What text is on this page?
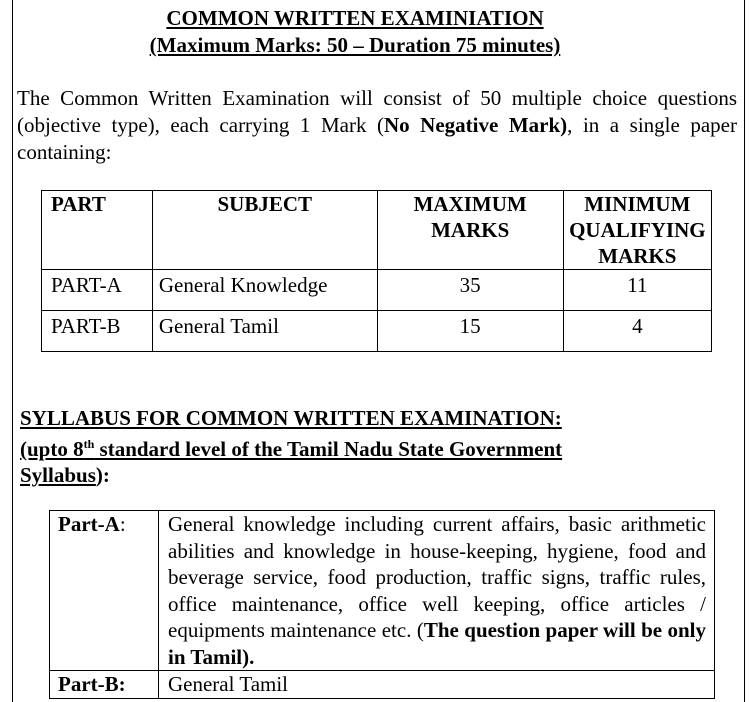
COMMON WRITTEN EXAMINIATION
(Maximum Marks: 50 – Duration 75 minutes)
The Common Written Examination will consist of 50 multiple choice questions (objective type), each carrying 1 Mark (No Negative Mark), in a single paper containing:
PART	SUBJECT	MAXIMUM MARKS	MINIMUM QUALIFYING MARKS
PART-A	General Knowledge	35	11
PART-B	General Tamil	15	4
SYLLABUS FOR COMMON WRITTEN EXAMINATION:
(upto 8th standard level of the Tamil Nadu State Government
Syllabus):
Part-A:	General knowledge including current affairs, basic arithmetic abilities and knowledge in house-keeping, hygiene, food and beverage service, food production, traffic signs, traffic rules, office maintenance, office well keeping, office articles / equipments maintenance etc. (The question paper will be only in Tamil).
Part-B:	General Tamil
